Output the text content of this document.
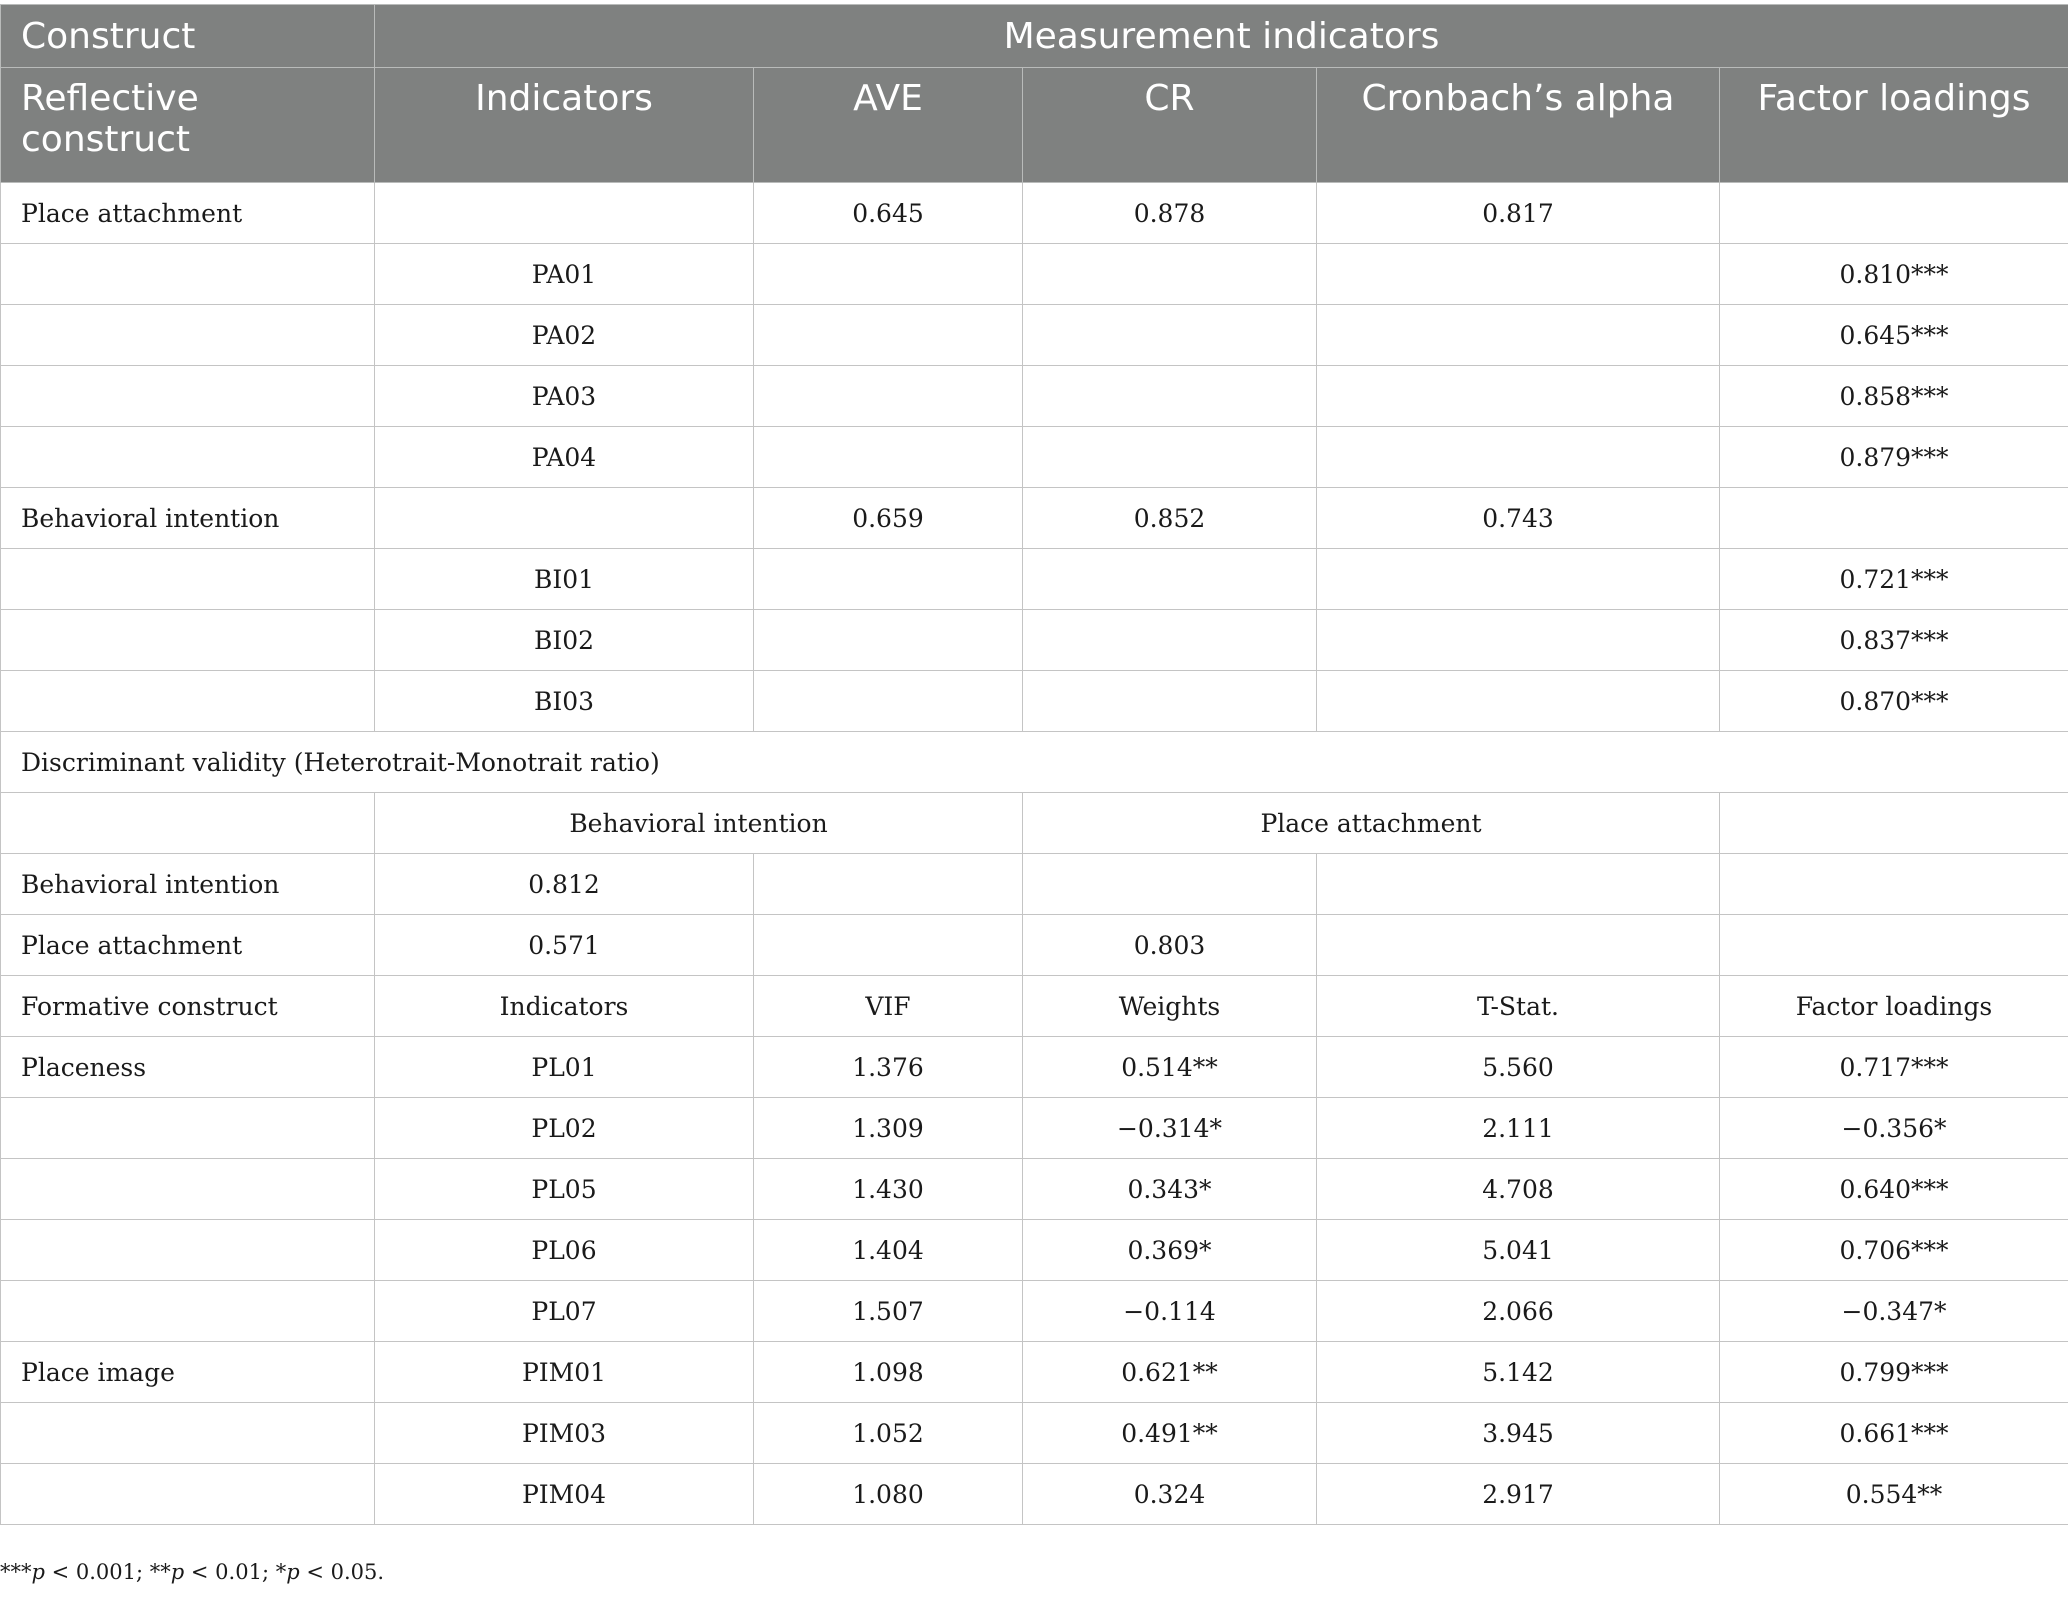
Construct	Measurement indicators				
Reflective construct	Indicators	AVE	CR	Cronbach’s alpha	Factor loadings
Place attachment		0.645	0.878	0.817	
	PA01				0.810***
	PA02				0.645***
	PA03				0.858***
	PA04				0.879***
Behavioral intention		0.659	0.852	0.743	
	BI01				0.721***
	BI02				0.837***
	BI03				0.870***
Discriminant validity (Heterotrait-Monotrait ratio)					
	Behavioral intention		Place attachment		
Behavioral intention	0.812				
Place attachment	0.571		0.803		
Formative construct	Indicators	VIF	Weights	T-Stat.	Factor loadings
Placeness	PL01	1.376	0.514**	5.560	0.717***
	PL02	1.309	−0.314*	2.111	−0.356*
	PL05	1.430	0.343*	4.708	0.640***
	PL06	1.404	0.369*	5.041	0.706***
	PL07	1.507	−0.114	2.066	−0.347*
Place image	PIM01	1.098	0.621**	5.142	0.799***
	PIM03	1.052	0.491**	3.945	0.661***
	PIM04	1.080	0.324	2.917	0.554**
***p < 0.001; **p < 0.01; *p < 0.05.
